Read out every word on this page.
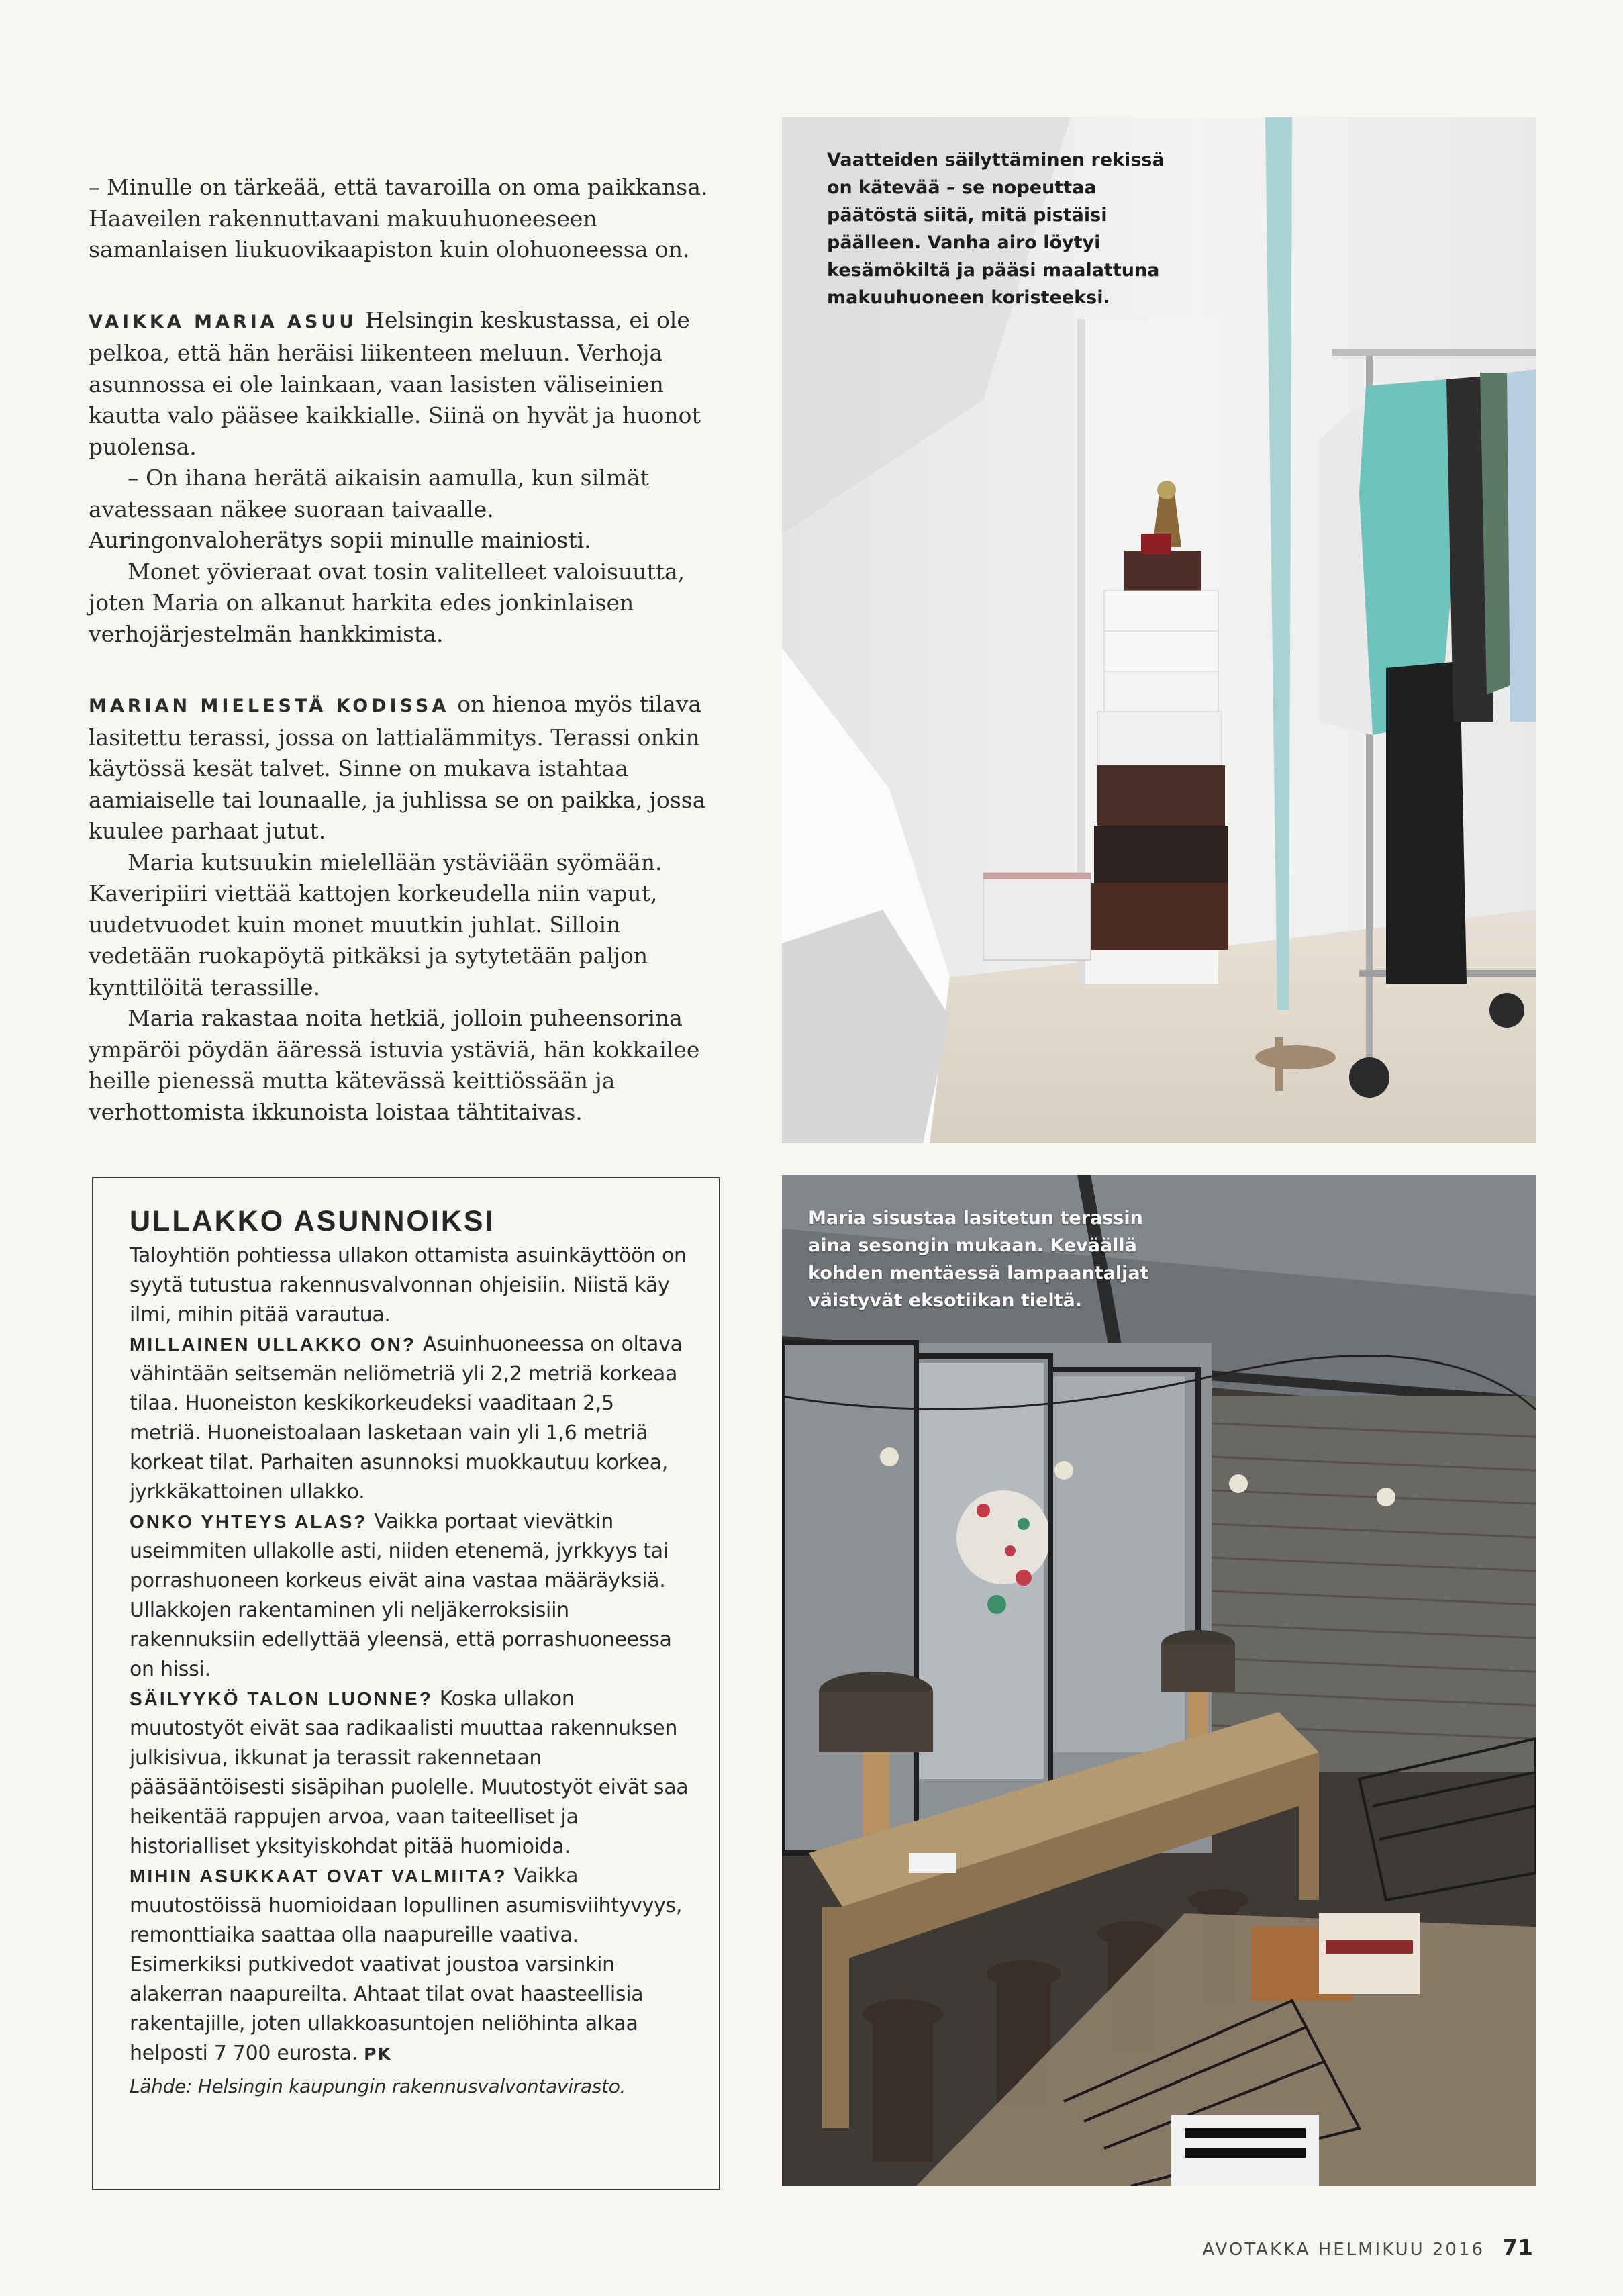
– Minulle on tärkeää, että tavaroilla on oma paikkansa. Haaveilen rakennuttavani makuuhuoneeseen samanlaisen liukuovikaapiston kuin olohuoneessa on.

VAIKKA MARIA ASUU Helsingin keskustassa, ei ole pelkoa, että hän heräisi liikenteen meluun. Verhoja asunnossa ei ole lainkaan, vaan lasisten väliseinien kautta valo pääsee kaikkialle. Siinä on hyvät ja huonot puolensa.

– On ihana herätä aikaisin aamulla, kun silmät avatessaan näkee suoraan taivaalle. Auringonvaloherätys sopii minulle mainiosti.

Monet yövieraat ovat tosin valitelleet valoisuutta, joten Maria on alkanut harkita edes jonkinlaisen verhojärjestelmän hankkimista.

MARIAN MIELESTÄ KODISSA on hienoa myös tilava lasitettu terassi, jossa on lattialämmitys. Terassi onkin käytössä kesät talvet. Sinne on mukava istahtaa aamiaiselle tai lounaalle, ja juhlissa se on paikka, jossa kuulee parhaat jutut.

Maria kutsuukin mielellään ystäviään syömään. Kaveripiiri viettää kattojen korkeudella niin vaput, uudetvuodet kuin monet muutkin juhlat. Silloin vedetään ruokapöytä pitkäksi ja sytytetään paljon kynttilöitä terassille.

Maria rakastaa noita hetkiä, jolloin puheensorina ympäröi pöydän ääressä istuvia ystäviä, hän kokkailee heille pienessä mutta kätevässä keittiössään ja verhottomista ikkunoista loistaa tähtitaivas.

ULLAKKO ASUNNOIKSI

Taloyhtiön pohtiessa ullakon ottamista asuinkäyttöön on syytä tutustua rakennusvalvonnan ohjeisiin. Niistä käy ilmi, mihin pitää varautua.

MILLAINEN ULLAKKO ON? Asuinhuoneessa on oltava vähintään seitsemän neliömetriä yli 2,2 metriä korkeaa tilaa. Huoneiston keskikorkeudeksi vaaditaan 2,5 metriä. Huoneistoalaan lasketaan vain yli 1,6 metriä korkeat tilat. Parhaiten asunnoksi muokkautuu korkea, jyrkkäkattoinen ullakko.

ONKO YHTEYS ALAS? Vaikka portaat vievätkin useimmiten ullakolle asti, niiden etenemä, jyrkkyys tai porrashuoneen korkeus eivät aina vastaa määräyksiä. Ullakkojen rakentaminen yli neljäkerroksisiin rakennuksiin edellyttää yleensä, että porrashuoneessa on hissi.

SÄILYYKÖ TALON LUONNE? Koska ullakon muutostyöt eivät saa radikaalisti muuttaa rakennuksen julkisivua, ikkunat ja terassit rakennetaan pääsääntöisesti sisäpihan puolelle. Muutostyöt eivät saa heikentää rappujen arvoa, vaan taiteelliset ja historialliset yksityiskohdat pitää huomioida.

MIHIN ASUKKAAT OVAT VALMIITA? Vaikka muutostöissä huomioidaan lopullinen asumisviihtyvyys, remonttiaika saattaa olla naapureille vaativa. Esimerkiksi putkivedot vaativat joustoa varsinkin alakerran naapureilta. Ahtaat tilat ovat haasteellisia rakentajille, joten ullakkoasuntojen neliöhinta alkaa helposti 7 700 eurosta. PK

Lähde: Helsingin kaupungin rakennusvalvontavirasto.

Vaatteiden säilyttäminen rekissä on kätevää – se nopeuttaa päätöstä siitä, mitä pistäisi päälleen. Vanha airo löytyi kesämökiltä ja pääsi maalattuna makuuhuoneen koristeeksi.
Maria sisustaa lasitetun terassin aina sesongin mukaan. Keväällä kohden mentäessä lampaantaljat väistyvät eksotiikan tieltä.
AVOTAKKA HELMIKUU 2016 71
